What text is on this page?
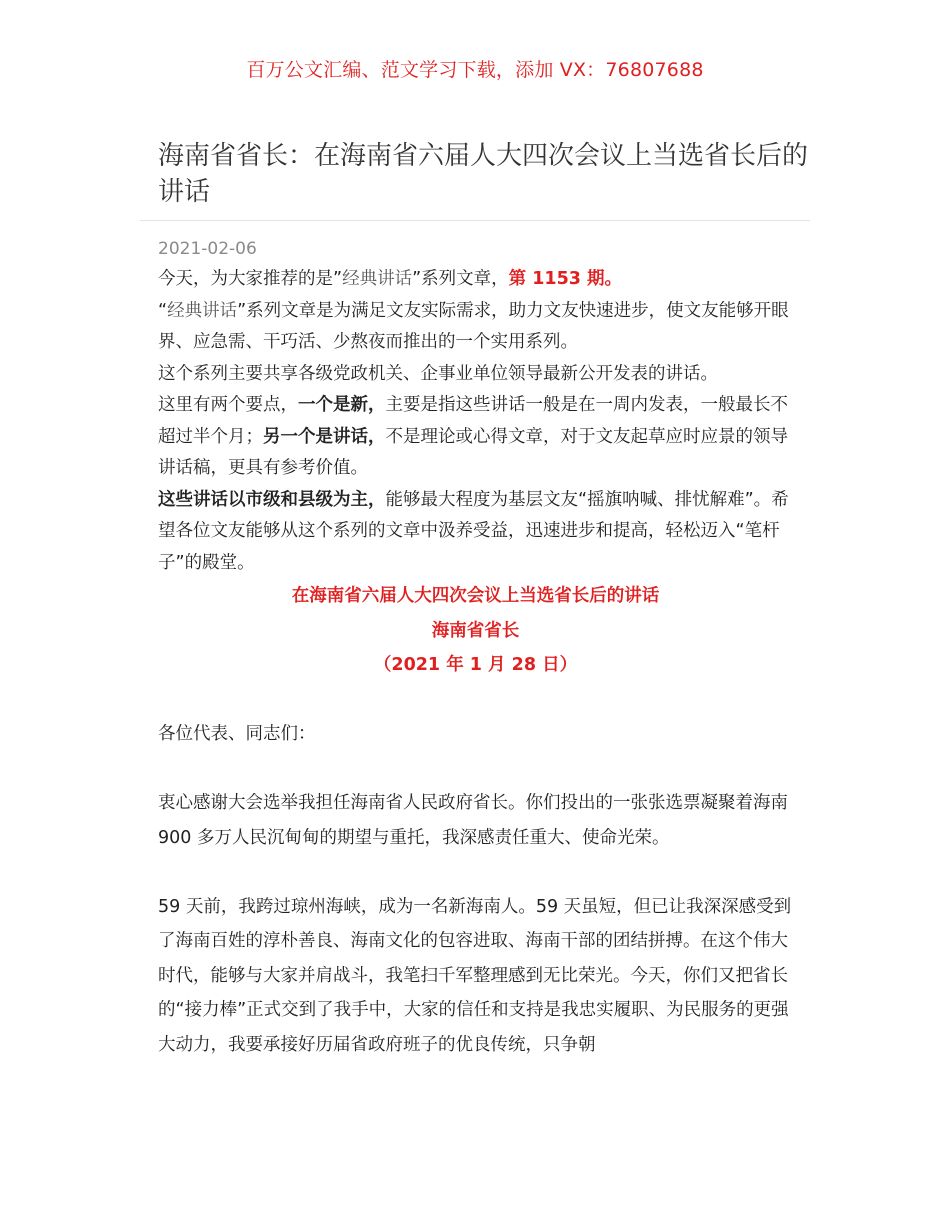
百万公文汇编、范文学习下载，添加 VX：76807688
海南省省长：在海南省六届人大四次会议上当选省长后的讲话
2021-02-06

今天，为大家推荐的是”经典讲话”系列文章，第 1153 期。

“经典讲话”系列文章是为满足文友实际需求，助力文友快速进步，使文友能够开眼界、应急需、干巧活、少熬夜而推出的一个实用系列。

这个系列主要共享各级党政机关、企事业单位领导最新公开发表的讲话。

这里有两个要点，一个是新，主要是指这些讲话一般是在一周内发表，一般最长不超过半个月；另一个是讲话，不是理论或心得文章，对于文友起草应时应景的领导讲话稿，更具有参考价值。

这些讲话以市级和县级为主，能够最大程度为基层文友“摇旗呐喊、排忧解难”。希望各位文友能够从这个系列的文章中汲养受益，迅速进步和提高，轻松迈入“笔杆子”的殿堂。

在海南省六届人大四次会议上当选省长后的讲话
海南省省长
（2021 年 1 月 28 日）

各位代表、同志们：

衷心感谢大会选举我担任海南省人民政府省长。你们投出的一张张选票凝聚着海南 900 多万人民沉甸甸的期望与重托，我深感责任重大、使命光荣。

59 天前，我跨过琼州海峡，成为一名新海南人。59 天虽短，但已让我深深感受到了海南百姓的淳朴善良、海南文化的包容进取、海南干部的团结拼搏。在这个伟大时代，能够与大家并肩战斗，我笔扫千军整理感到无比荣光。今天，你们又把省长的“接力棒”正式交到了我手中，大家的信任和支持是我忠实履职、为民服务的更强大动力，我要承接好历届省政府班子的优良传统，只争朝
